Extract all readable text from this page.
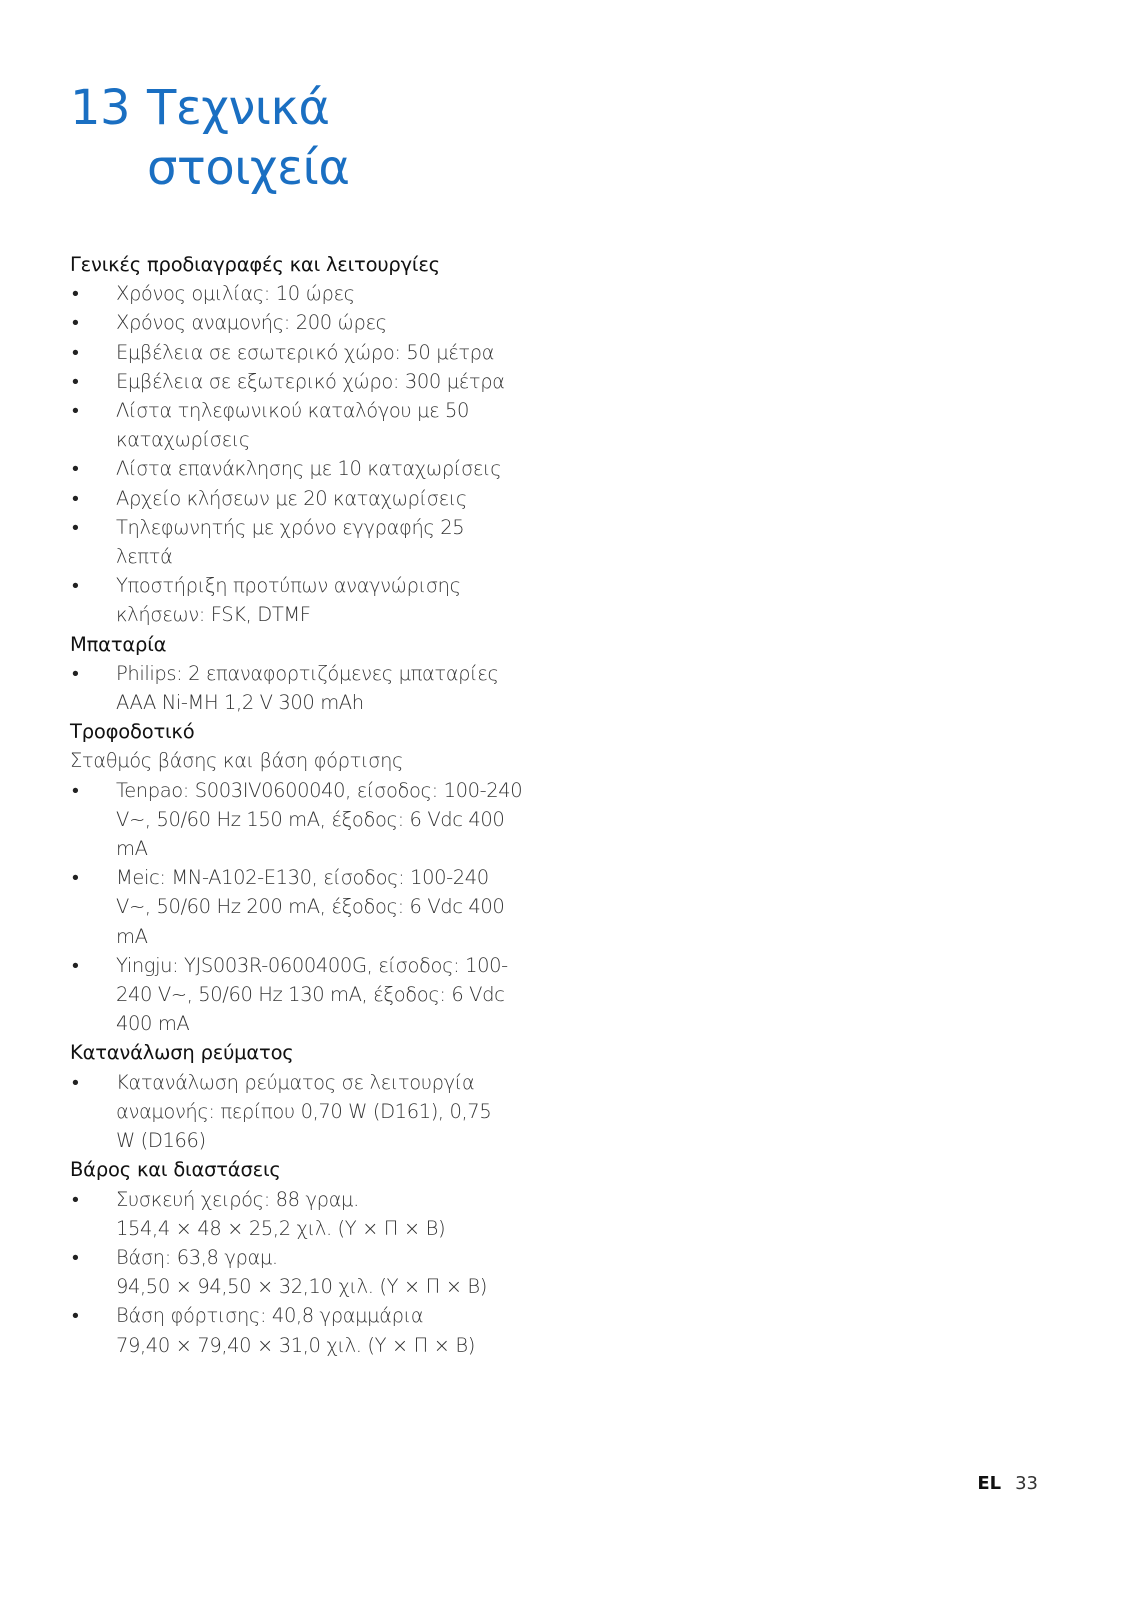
13 Τεχνικά
στοιχεία
Γενικές προδιαγραφές και λειτουργίες
• Χρόνος ομιλίας: 10 ώρες
• Χρόνος αναμονής: 200 ώρες
• Εμβέλεια σε εσωτερικό χώρο: 50 μέτρα
• Εμβέλεια σε εξωτερικό χώρο: 300 μέτρα
• Λίστα τηλεφωνικού καταλόγου με 50
καταχωρίσεις
• Λίστα επανάκλησης με 10 καταχωρίσεις
• Αρχείο κλήσεων με 20 καταχωρίσεις
• Τηλεφωνητής με χρόνο εγγραφής 25
λεπτά
• Υποστήριξη προτύπων αναγνώρισης
κλήσεων: FSK, DTMF
Μπαταρία
• Philips: 2 επαναφορτιζόμενες μπαταρίες
AAA Ni-MH 1,2 V 300 mAh
Τροφοδοτικό

Σταθμός βάσης και βάση φόρτισης

• Tenpao: S003IV0600040, είσοδος: 100-240
V~, 50/60 Hz 150 mA, έξοδος: 6 Vdc 400
mA
• Meic: MN-A102-E130, είσοδος: 100-240
V~, 50/60 Hz 200 mA, έξοδος: 6 Vdc 400
mA
• Yingju: YJS003R-0600400G, είσοδος: 100-
240 V~, 50/60 Hz 130 mA, έξοδος: 6 Vdc
400 mA
Κατανάλωση ρεύματος
• Κατανάλωση ρεύματος σε λειτουργία
αναμονής: περίπου 0,70 W (D161), 0,75
W (D166)
Βάρος και διαστάσεις
• Συσκευή χειρός: 88 γραμ.
154,4 × 48 × 25,2 χιλ. (Υ × Π × Β)
• Βάση: 63,8 γραμ.
94,50 × 94,50 × 32,10 χιλ. (Υ × Π × Β)
• Βάση φόρτισης: 40,8 γραμμάρια
79,40 × 79,40 × 31,0 χιλ. (Υ × Π × Β)
EL 33
